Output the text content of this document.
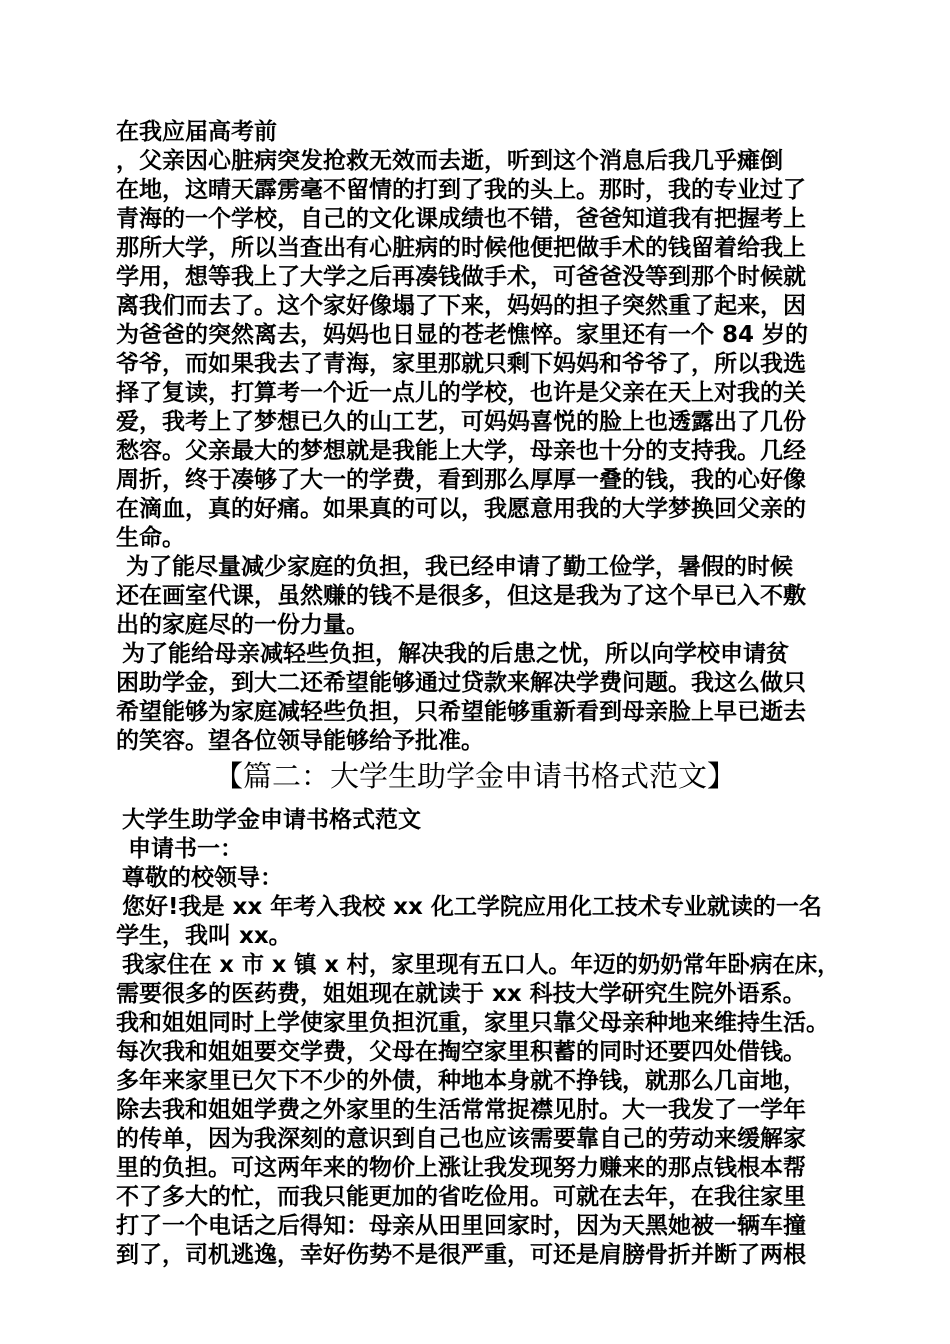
在我应届高考前
，父亲因心脏病突发抢救无效而去逝，听到这个消息后我几乎瘫倒
在地，这晴天霹雳毫不留情的打到了我的头上。那时，我的专业过了
青海的一个学校，自己的文化课成绩也不错，爸爸知道我有把握考上
那所大学，所以当查出有心脏病的时候他便把做手术的钱留着给我上
学用，想等我上了大学之后再凑钱做手术，可爸爸没等到那个时候就
离我们而去了。这个家好像塌了下来，妈妈的担子突然重了起来，因
为爸爸的突然离去，妈妈也日显的苍老憔悴。家里还有一个 84 岁的
爷爷，而如果我去了青海，家里那就只剩下妈妈和爷爷了，所以我选
择了复读，打算考一个近一点儿的学校，也许是父亲在天上对我的关
爱，我考上了梦想已久的山工艺，可妈妈喜悦的脸上也透露出了几份
愁容。父亲最大的梦想就是我能上大学，母亲也十分的支持我。几经
周折，终于凑够了大一的学费，看到那么厚厚一叠的钱，我的心好像
在滴血，真的好痛。如果真的可以，我愿意用我的大学梦换回父亲的
生命。
为了能尽量减少家庭的负担，我已经申请了勤工俭学，暑假的时候
还在画室代课，虽然赚的钱不是很多，但这是我为了这个早已入不敷
出的家庭尽的一份力量。
为了能给母亲减轻些负担，解决我的后患之忧，所以向学校申请贫
困助学金，到大二还希望能够通过贷款来解决学费问题。我这么做只
希望能够为家庭减轻些负担，只希望能够重新看到母亲脸上早已逝去
的笑容。望各位领导能够给予批准。
【篇二：大学生助学金申请书格式范文】
大学生助学金申请书格式范文
申请书一：
尊敬的校领导：
您好!我是 xx 年考入我校 xx 化工学院应用化工技术专业就读的一名
学生，我叫 xx。
我家住在 x 市 x 镇 x 村，家里现有五口人。年迈的奶奶常年卧病在床，
需要很多的医药费，姐姐现在就读于 xx 科技大学研究生院外语系。
我和姐姐同时上学使家里负担沉重，家里只靠父母亲种地来维持生活。
每次我和姐姐要交学费，父母在掏空家里积蓄的同时还要四处借钱。
多年来家里已欠下不少的外债，种地本身就不挣钱，就那么几亩地，
除去我和姐姐学费之外家里的生活常常捉襟见肘。大一我发了一学年
的传单，因为我深刻的意识到自己也应该需要靠自己的劳动来缓解家
里的负担。可这两年来的物价上涨让我发现努力赚来的那点钱根本帮
不了多大的忙，而我只能更加的省吃俭用。可就在去年，在我往家里
打了一个电话之后得知：母亲从田里回家时，因为天黑她被一辆车撞
到了，司机逃逸，幸好伤势不是很严重，可还是肩膀骨折并断了两根
